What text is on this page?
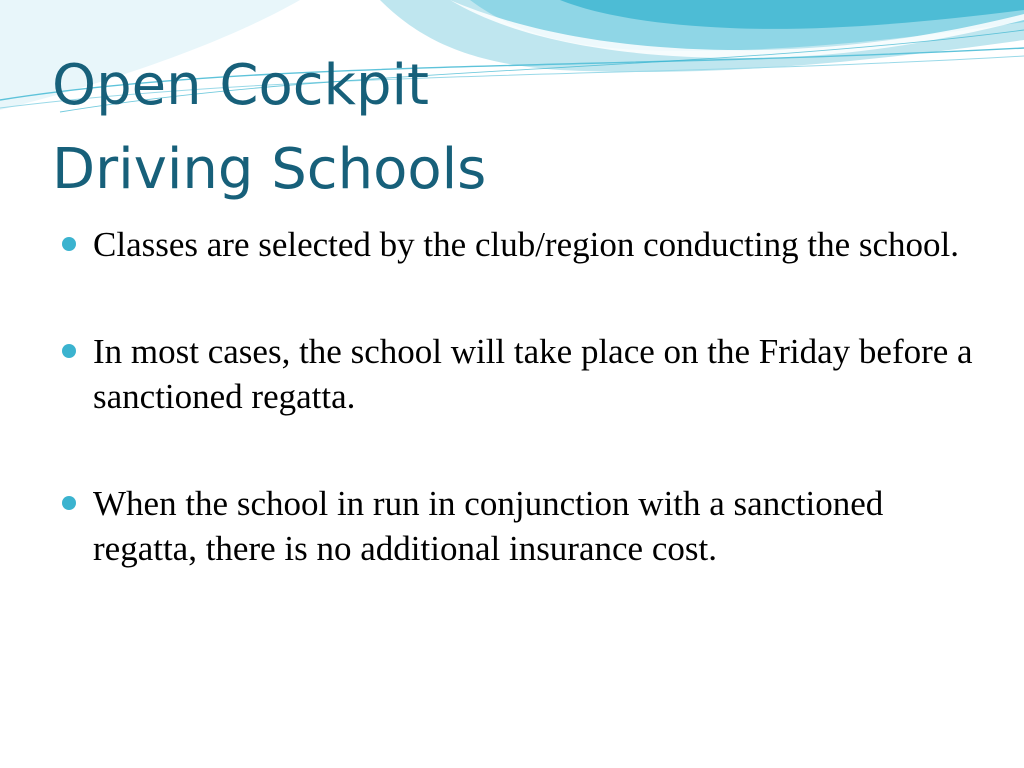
Open Cockpit
Driving Schools
Classes are selected by the club/region conducting the school.
In most cases, the school will take place on the Friday before a sanctioned regatta.
When the school in run in conjunction with a sanctioned regatta, there is no additional insurance cost.
